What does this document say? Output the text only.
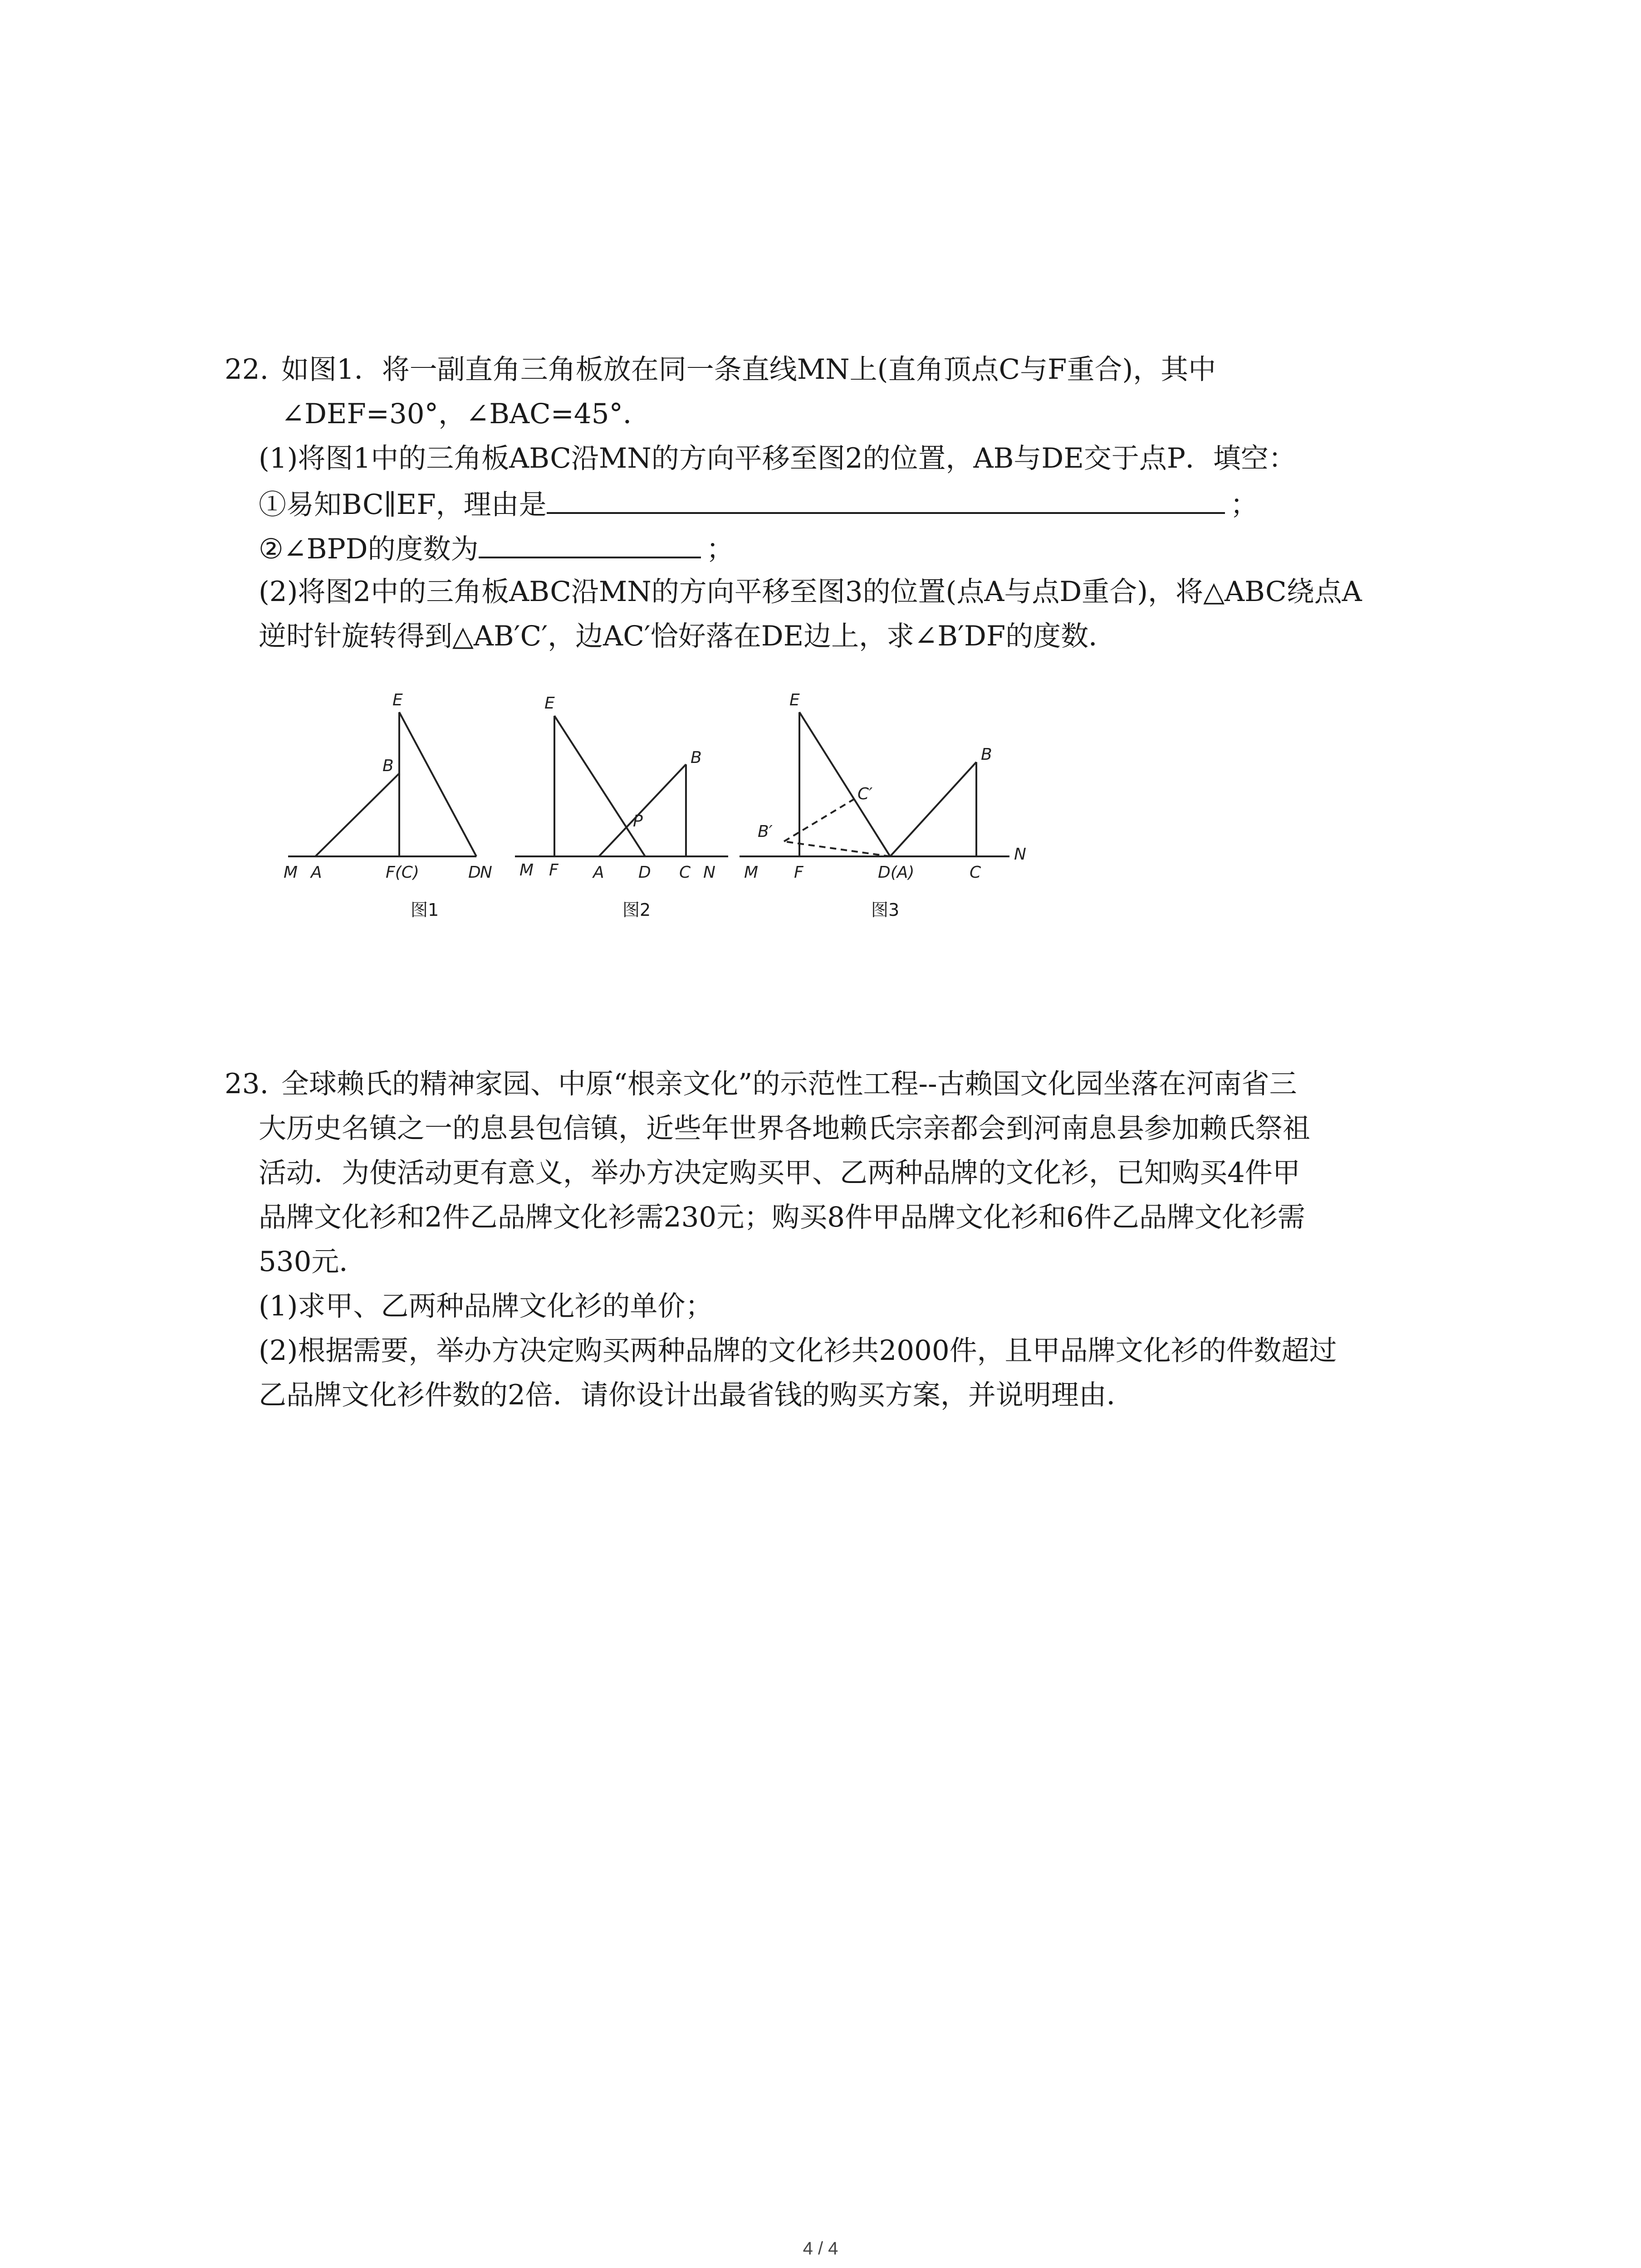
22. 如图1．将一副直角三角板放在同一条直线MN上(直角顶点C与F重合)，其中
∠DEF=30°，∠BAC=45°．
(1)将图1中的三角板ABC沿MN的方向平移至图2的位置，AB与DE交于点P．填空：
①易知BC∥EF，理由是	；
②∠BPD的度数为	；
(2)将图2中的三角板ABC沿MN的方向平移至图3的位置(点A与点D重合)，将△ABC绕点A
逆时针旋转得到△AB′C′，边AC′恰好落在DE边上，求∠B′DF的度数．
E
B
M A	F(C)	D
N
E
B
P
M F A D C N
E
C′
B′
B
M F	D(A)	C
N
图1	图2	图3
23. 全球赖氏的精神家园、中原“根亲文化”的示范性工程--古赖国文化园坐落在河南省三
大历史名镇之一的息县包信镇，近些年世界各地赖氏宗亲都会到河南息县参加赖氏祭祖
活动．为使活动更有意义，举办方决定购买甲、乙两种品牌的文化衫，已知购买4件甲
品牌文化衫和2件乙品牌文化衫需230元；购买8件甲品牌文化衫和6件乙品牌文化衫需
530元．
(1)求甲、乙两种品牌文化衫的单价；
(2)根据需要，举办方决定购买两种品牌的文化衫共2000件，且甲品牌文化衫的件数超过
乙品牌文化衫件数的2倍．请你设计出最省钱的购买方案，并说明理由．
4 / 4
